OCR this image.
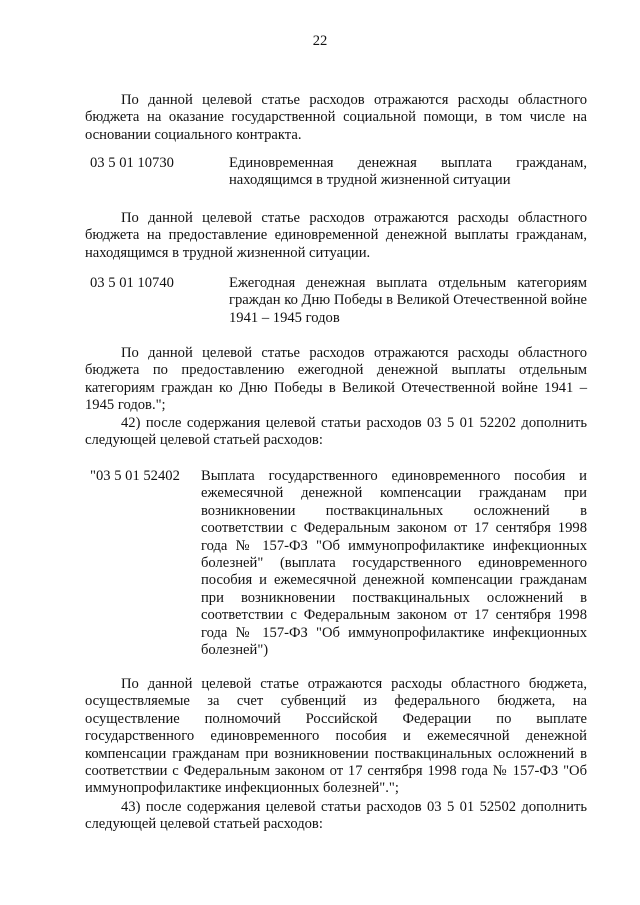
22

По данной целевой статье расходов отражаются расходы областного бюджета на оказание государственной социальной помощи, в том числе на основании социального контракта.

03 5 01 10730	Единовременная денежная выплата гражданам, находящимся в трудной жизненной ситуации

По данной целевой статье расходов отражаются расходы областного бюджета на предоставление единовременной денежной выплаты гражданам, находящимся в трудной жизненной ситуации.

03 5 01 10740	Ежегодная денежная выплата отдельным категориям граждан ко Дню Победы в Великой Отечественной войне 1941 – 1945 годов

По данной целевой статье расходов отражаются расходы областного бюджета по предоставлению ежегодной денежной выплаты отдельным категориям граждан ко Дню Победы в Великой Отечественной войне 1941 – 1945 годов.";

42) после содержания целевой статьи расходов 03 5 01 52202 дополнить следующей целевой статьей расходов:

"03 5 01 52402 Выплата государственного единовременного пособия и ежемесячной денежной компенсации гражданам при возникновении поствакцинальных осложнений в соответствии с Федеральным законом от 17 сентября 1998 года № 157-ФЗ "Об иммунопрофилактике инфекционных болезней" (выплата государственного единовременного пособия и ежемесячной денежной компенсации гражданам при возникновении поствакцинальных осложнений в соответствии с Федеральным законом от 17 сентября 1998 года № 157-ФЗ "Об иммунопрофилактике инфекционных болезней")

По данной целевой статье отражаются расходы областного бюджета, осуществляемые за счет субвенций из федерального бюджета, на осуществление полномочий Российской Федерации по выплате государственного единовременного пособия и ежемесячной денежной компенсации гражданам при возникновении поствакцинальных осложнений в соответствии с Федеральным законом от 17 сентября 1998 года № 157-ФЗ "Об иммунопрофилактике инфекционных болезней".";

43) после содержания целевой статьи расходов 03 5 01 52502 дополнить следующей целевой статьей расходов:
